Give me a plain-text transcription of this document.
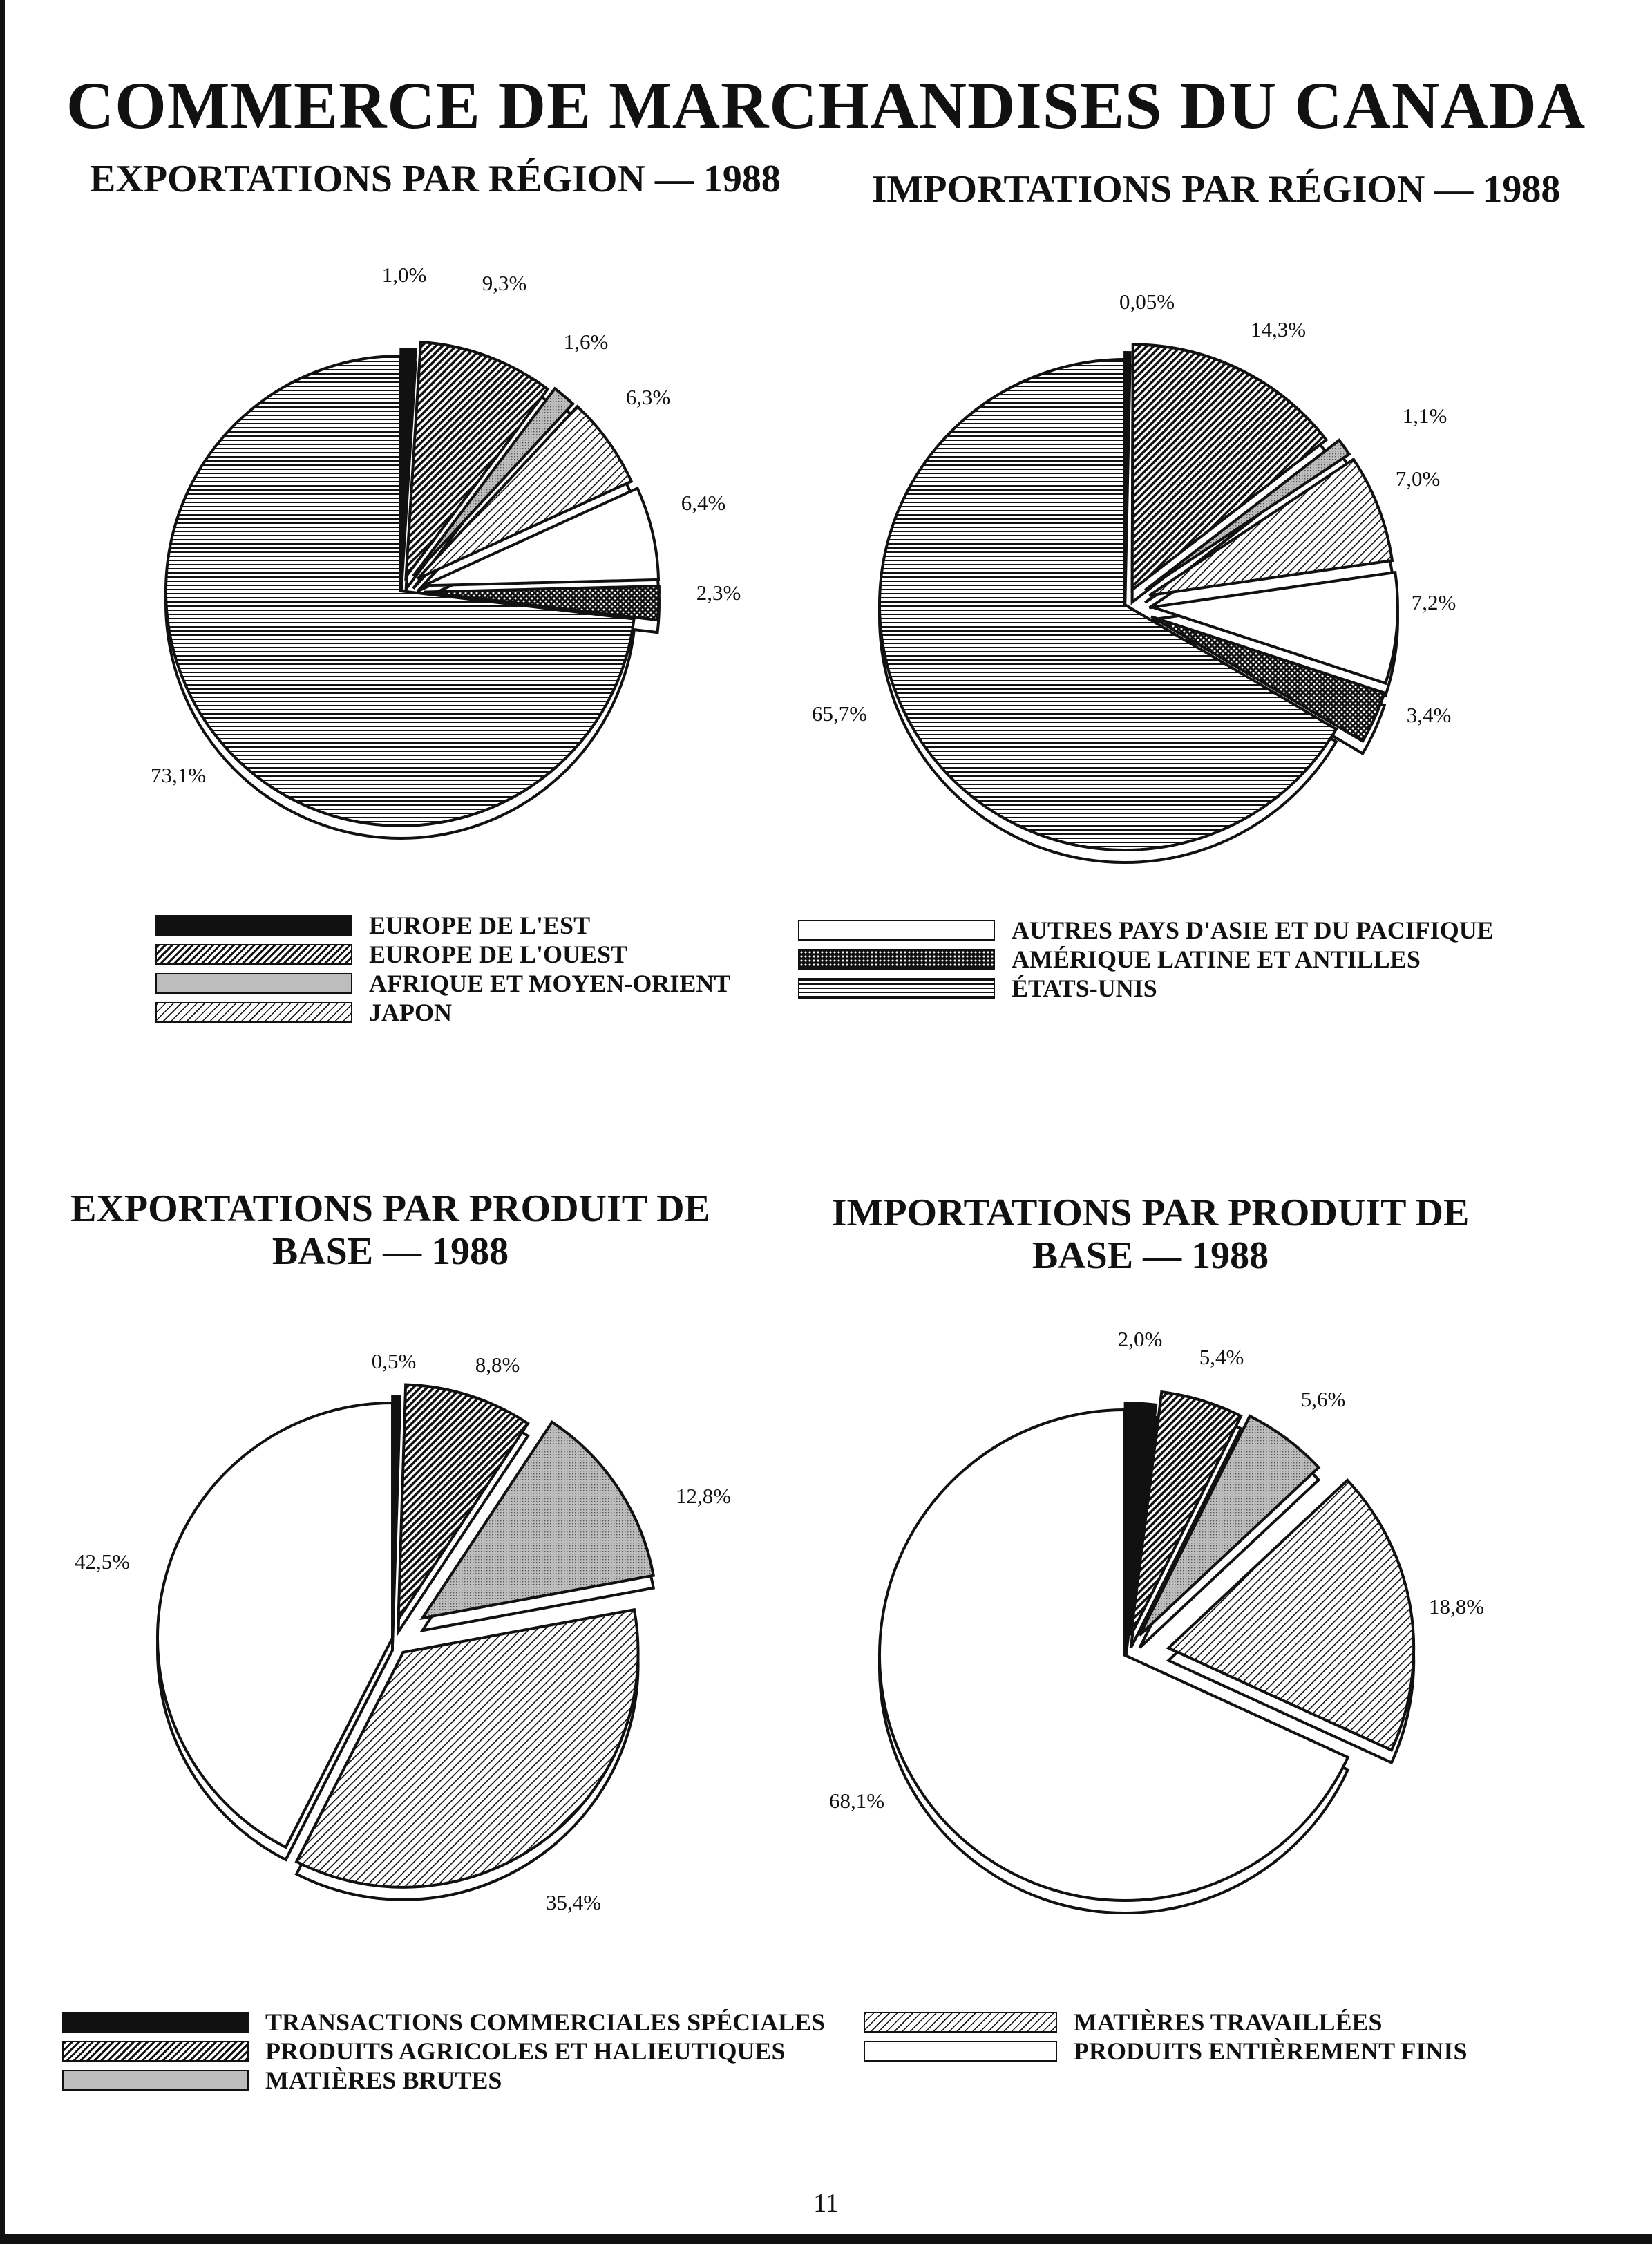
COMMERCE DE MARCHANDISES DU CANADA
EXPORTATIONS PAR RÉGION — 1988 IMPORTATIONS PAR RÉGION — 1988
EXPORTATIONS PAR PRODUIT DE BASE — 1988
IMPORTATIONS PAR PRODUIT DE BASE — 1988
1,0%	9,3%
1,6%
6,3%
6,4%
2,3%
73,1%
0,05%
14,3%
1,1%
7,0%
7,2%
3,4%
65,7%
0,5%	8,8%
12,8%
35,4%
42,5%
2,0%
5,4%
5,6%
18,8%
68,1%
EUROPE DE L'EST
EUROPE DE L'OUEST
AFRIQUE ET MOYEN-ORIENT
JAPON
AUTRES PAYS D'ASIE ET DU PACIFIQUE
AMÉRIQUE LATINE ET ANTILLES
ÉTATS-UNIS
TRANSACTIONS COMMERCIALES SPÉCIALES
PRODUITS AGRICOLES ET HALIEUTIQUES
MATIÈRES BRUTES
MATIÈRES TRAVAILLÉES
PRODUITS ENTIÈREMENT FINIS
11
